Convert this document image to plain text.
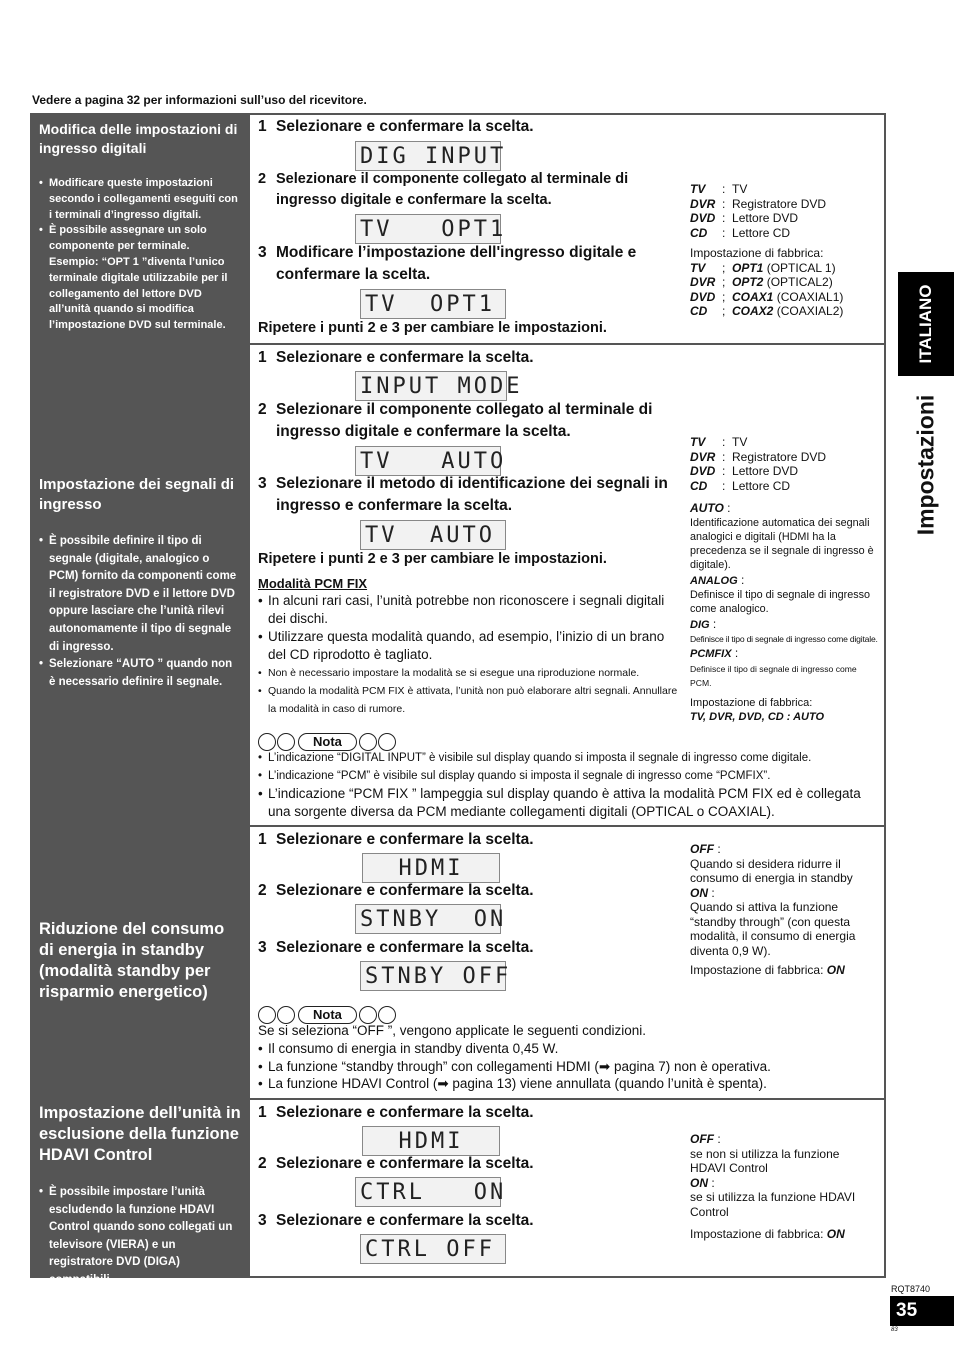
Vedere a pagina 32 per informazioni sull’uso del ricevitore.
Modifica delle impostazioni di ingresso digitali
• Modificare queste impostazioni secondo i collegamenti eseguiti con i terminali d’ingresso digitali.
• È possibile assegnare un solo componente per terminale. Esempio: “OPT 1 ”diventa l’unico terminale digitale utilizzabile per il collegamento del lettore DVD all’unità quando si modifica l’impostazione DVD sul terminale.
1 Selezionare e confermare la scelta.
DIG INPUT
2 Selezionare il componente collegato al terminale di ingresso digitale e confermare la scelta.
TV   OPT1
3 Modificare l’impostazione dell'ingresso digitale e confermare la scelta.
TV  OPT1
Ripetere i punti 2 e 3 per cambiare le impostazioni.
TV :  TV
DVR :  Registratore DVD
DVD :  Lettore DVD
CD :  Lettore CD
Impostazione di fabbrica:
TV ;  OPT1 (OPTICAL 1)
DVR ;  OPT2 (OPTICAL2)
DVD ;  COAX1 (COAXIAL1)
CD ;  COAX2 (COAXIAL2)
Impostazione dei segnali di ingresso
• È possibile definire il tipo di segnale (digitale, analogico o PCM) fornito da componenti come il registratore DVD e il lettore DVD oppure lasciare che l’unità rilevi autonomamente il tipo di segnale di ingresso.
• Selezionare “AUTO ” quando non è necessario definire il segnale.
1 Selezionare e confermare la scelta.
INPUT MODE
2 Selezionare il componente collegato al terminale di ingresso digitale e confermare la scelta.
TV   AUTO
3 Selezionare il metodo di identificazione dei segnali in ingresso e confermare la scelta.
TV  AUTO
Ripetere i punti 2 e 3 per cambiare le impostazioni.
Modalità PCM FIX
• In alcuni rari casi, l’unità potrebbe non riconoscere i segnali digitali dei dischi.
• Utilizzare questa modalità quando, ad esempio, l’inizio di un brano del CD riprodotto è tagliato.
• Non è necessario impostare la modalità se si esegue una riproduzione normale.
• Quando la modalità PCM FIX è attivata, l’unità non può elaborare altri segnali. Annullare la modalità in caso di rumore.
TV :  TV
DVR :  Registratore DVD
DVD :  Lettore DVD
CD :  Lettore CD
AUTO :
Identificazione automatica dei segnali analogici e digitali (HDMI ha la precedenza se il segnale di ingresso è digitale).
ANALOG :
Definisce il tipo di segnale di ingresso come analogico.
DIG :
Definisce il tipo di segnale di ingresso come digitale.
PCMFIX :
Definisce il tipo di segnale di ingresso come PCM.
Impostazione di fabbrica:
TV, DVR, DVD, CD : AUTO
Nota
• L’indicazione “DIGITAL INPUT” è visibile sul display quando si imposta il segnale di ingresso come digitale.
• L’indicazione “PCM” è visibile sul display quando si imposta il segnale di ingresso come “PCMFIX”.
• L’indicazione “PCM FIX ” lampeggia sul display quando è attiva la modalità PCM FIX ed è collegata una sorgente diversa da PCM mediante collegamenti digitali (OPTICAL o COAXIAL).
Riduzione del consumo di energia in standby (modalità standby per risparmio energetico)
1 Selezionare e confermare la scelta.
HDMI
2 Selezionare e confermare la scelta.
STNBY  ON
3 Selezionare e confermare la scelta.
STNBY OFF
OFF :
Quando si desidera ridurre il consumo di energia in standby
ON :
Quando si attiva la funzione “standby through” (con questa modalità, il consumo di energia diventa 0,9 W).
Impostazione di fabbrica: ON
Nota
Se si seleziona “OFF ”, vengono applicate le seguenti condizioni.
• Il consumo di energia in standby diventa 0,45 W.
• La funzione “standby through” con collegamenti HDMI (➡ pagina 7) non è operativa.
• La funzione HDAVI Control (➡ pagina 13) viene annullata (quando l’unità è spenta).
Impostazione dell’unità in esclusione della funzione HDAVI Control
• È possibile impostare l’unità escludendo la funzione HDAVI Control quando sono collegati un televisore (VIERA) e un registratore DVD (DIGA) compatibili.
1 Selezionare e confermare la scelta.
HDMI
2 Selezionare e confermare la scelta.
CTRL   ON
3 Selezionare e confermare la scelta.
CTRL OFF
OFF :
se non si utilizza la funzione HDAVI Control
ON :
se si utilizza la funzione HDAVI Control
Impostazione di fabbrica: ON
ITALIANO
Impostazioni
RQT8740
35
83
